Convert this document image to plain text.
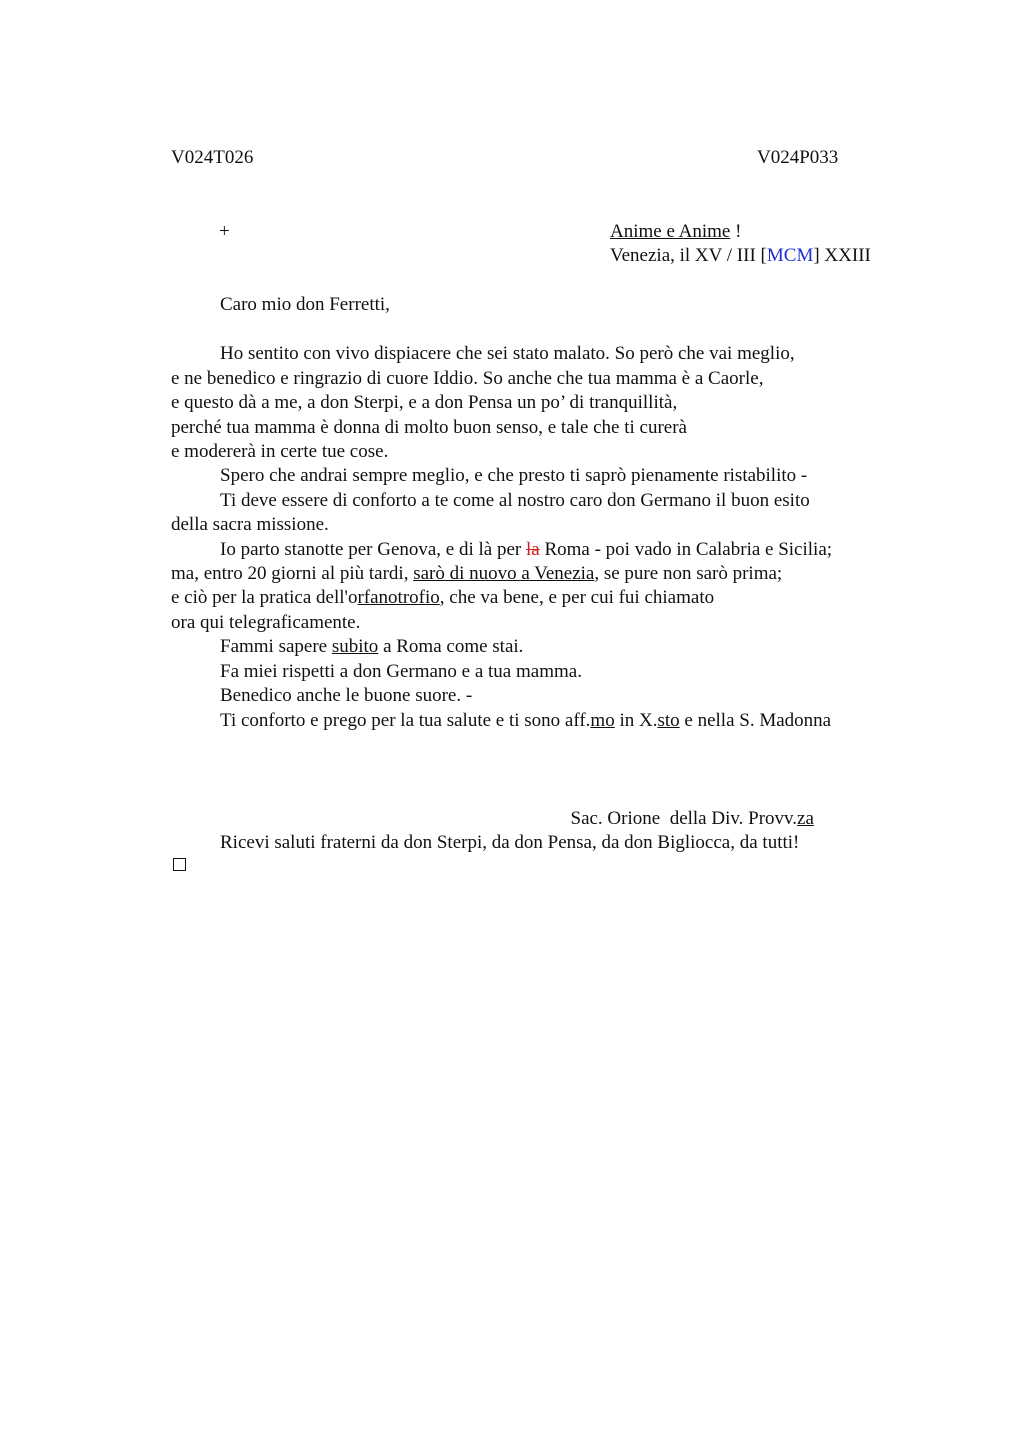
V024T026	V024P033
+	Anime e Anime !
Venezia, il XV / III [MCM] XXIII
Caro mio don Ferretti,
Ho sentito con vivo dispiacere che sei stato malato. So però che vai meglio,
e ne benedico e ringrazio di cuore Iddio. So anche che tua mamma è a Caorle,
e questo dà a me, a don Sterpi, e a don Pensa un po’ di tranquillità,
perché tua mamma è donna di molto buon senso, e tale che ti curerà
e modererà in certe tue cose.
Spero che andrai sempre meglio, e che presto ti saprò pienamente ristabilito -
Ti deve essere di conforto a te come al nostro caro don Germano il buon esito
della sacra missione.
Io parto stanotte per Genova, e di là per la Roma - poi vado in Calabria e Sicilia;
ma, entro 20 giorni al più tardi, sarò di nuovo a Venezia, se pure non sarò prima;
e ciò per la pratica dell'orfanotrofio, che va bene, e per cui fui chiamato
ora qui telegraficamente.
Fammi sapere subito a Roma come stai.
Fa miei rispetti a don Germano e a tua mamma.
Benedico anche le buone suore. -
Ti conforto e prego per la tua salute e ti sono aff.mo in X.sto e nella S. Madonna

Sac. Orione  della Div. Provv.za

Ricevi saluti fraterni da don Sterpi, da don Pensa, da don Bigliocca, da tutti!
